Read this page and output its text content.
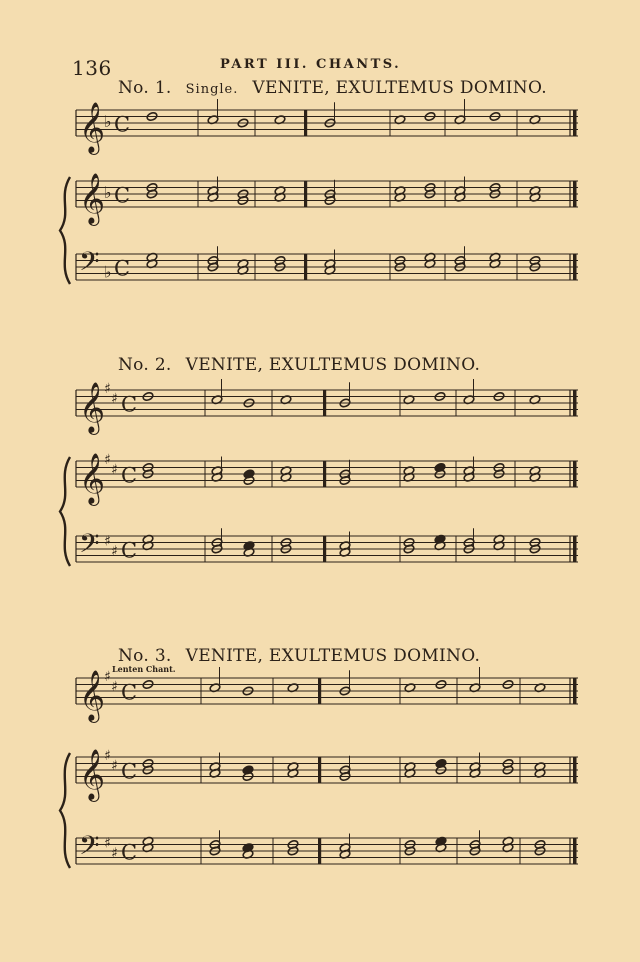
136	PART III. CHANTS.
No. 1. Single. VENITE, EXULTEMUS DOMINO.
No. 2. VENITE, EXULTEMUS DOMINO.
No. 3. VENITE, EXULTEMUS DOMINO.
Lenten Chant.
𝄞
♭ C
𝄞
♭ C
𝄢 ♭ C
𝄞
♯
♯ C
𝄞
♯
♯ C
𝄢 ♯
♯ C
𝄞
♯
♯ C
𝄞
♯
♯ C
𝄢 ♯
♯ C
